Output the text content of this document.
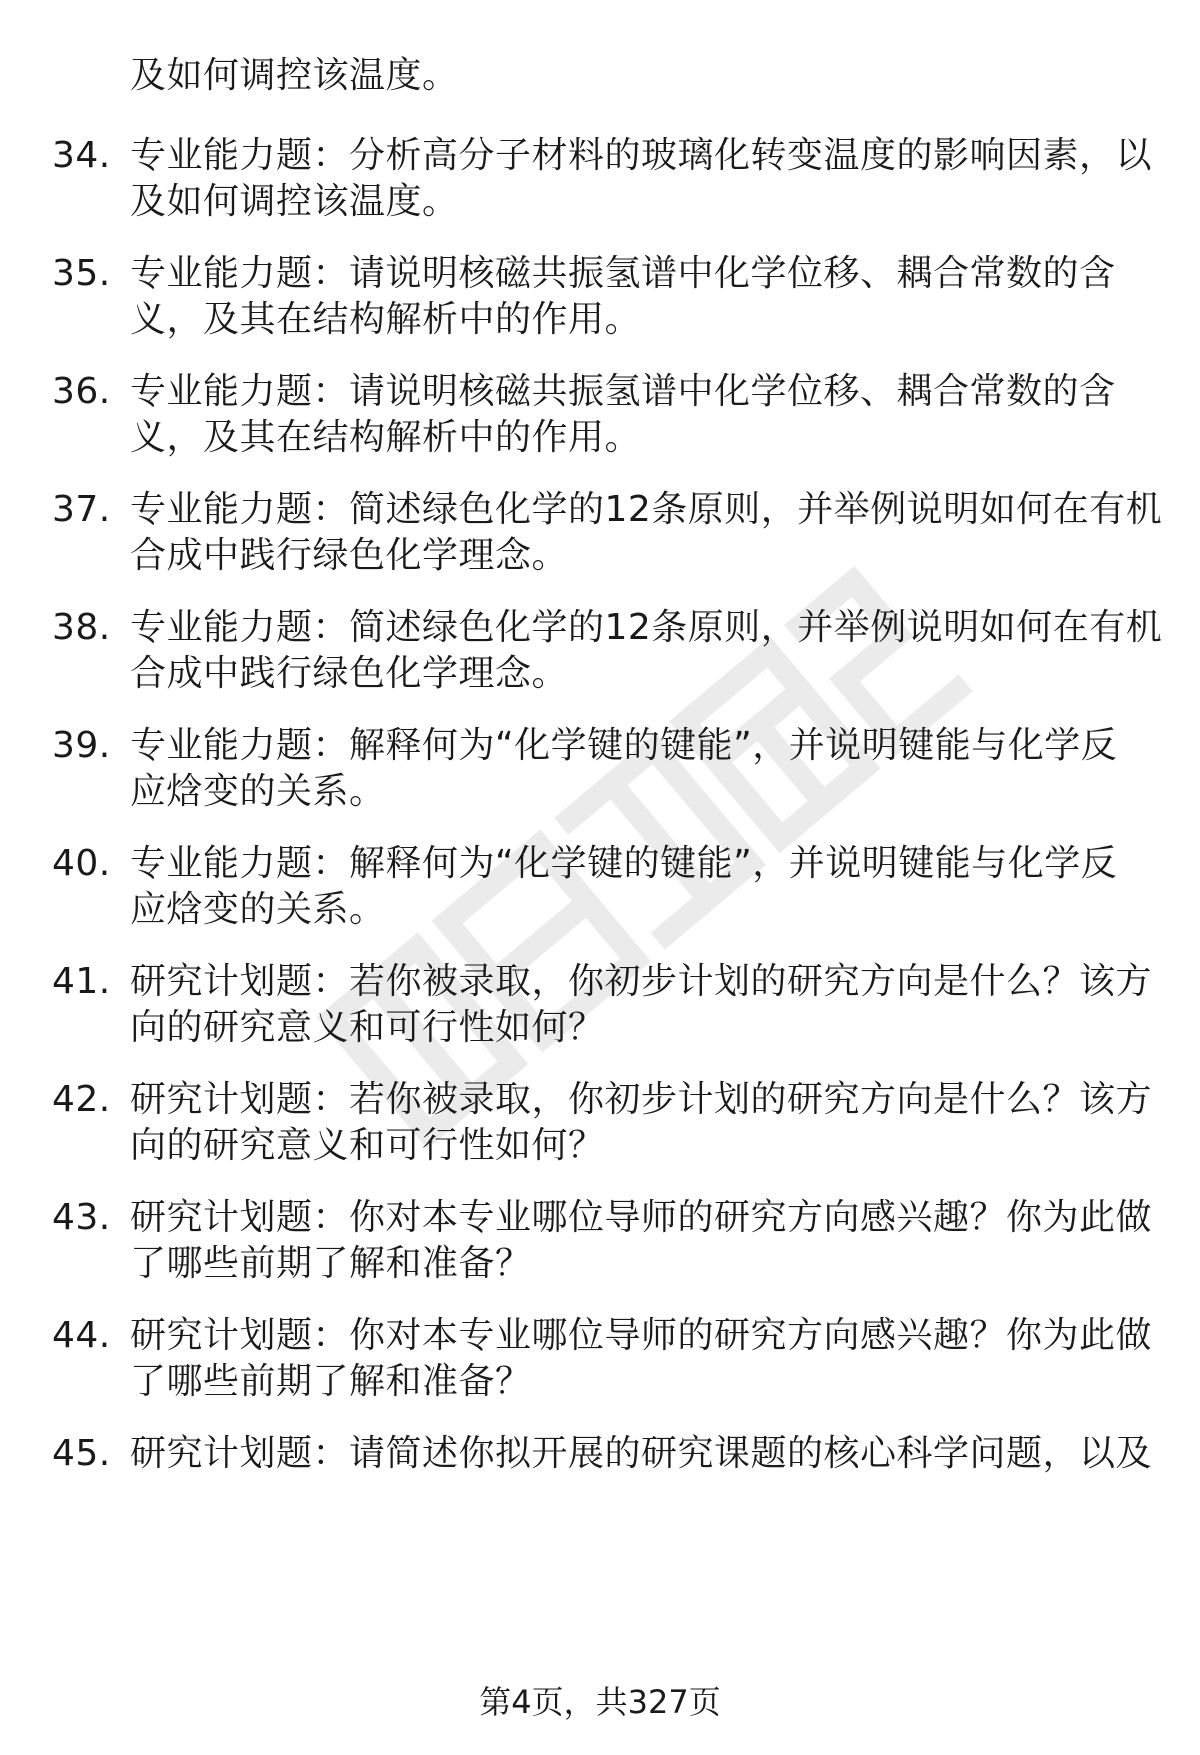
及如何调控该温度。
34. 专业能力题：分析高分子材料的玻璃化转变温度的影响因素，以
及如何调控该温度。
35. 专业能力题：请说明核磁共振氢谱中化学位移、耦合常数的含
义，及其在结构解析中的作用。
36. 专业能力题：请说明核磁共振氢谱中化学位移、耦合常数的含
义，及其在结构解析中的作用。
37. 专业能力题：简述绿色化学的12条原则，并举例说明如何在有机
合成中践行绿色化学理念。
38. 专业能力题：简述绿色化学的12条原则，并举例说明如何在有机
合成中践行绿色化学理念。
39. 专业能力题：解释何为“化学键的键能”，并说明键能与化学反
应焓变的关系。
40. 专业能力题：解释何为“化学键的键能”，并说明键能与化学反
应焓变的关系。
41. 研究计划题：若你被录取，你初步计划的研究方向是什么？该方
向的研究意义和可行性如何？
42. 研究计划题：若你被录取，你初步计划的研究方向是什么？该方
向的研究意义和可行性如何？
43. 研究计划题：你对本专业哪位导师的研究方向感兴趣？你为此做
了哪些前期了解和准备？
44. 研究计划题：你对本专业哪位导师的研究方向感兴趣？你为此做
了哪些前期了解和准备？
45. 研究计划题：请简述你拟开展的研究课题的核心科学问题，以及
第4页，共327页
